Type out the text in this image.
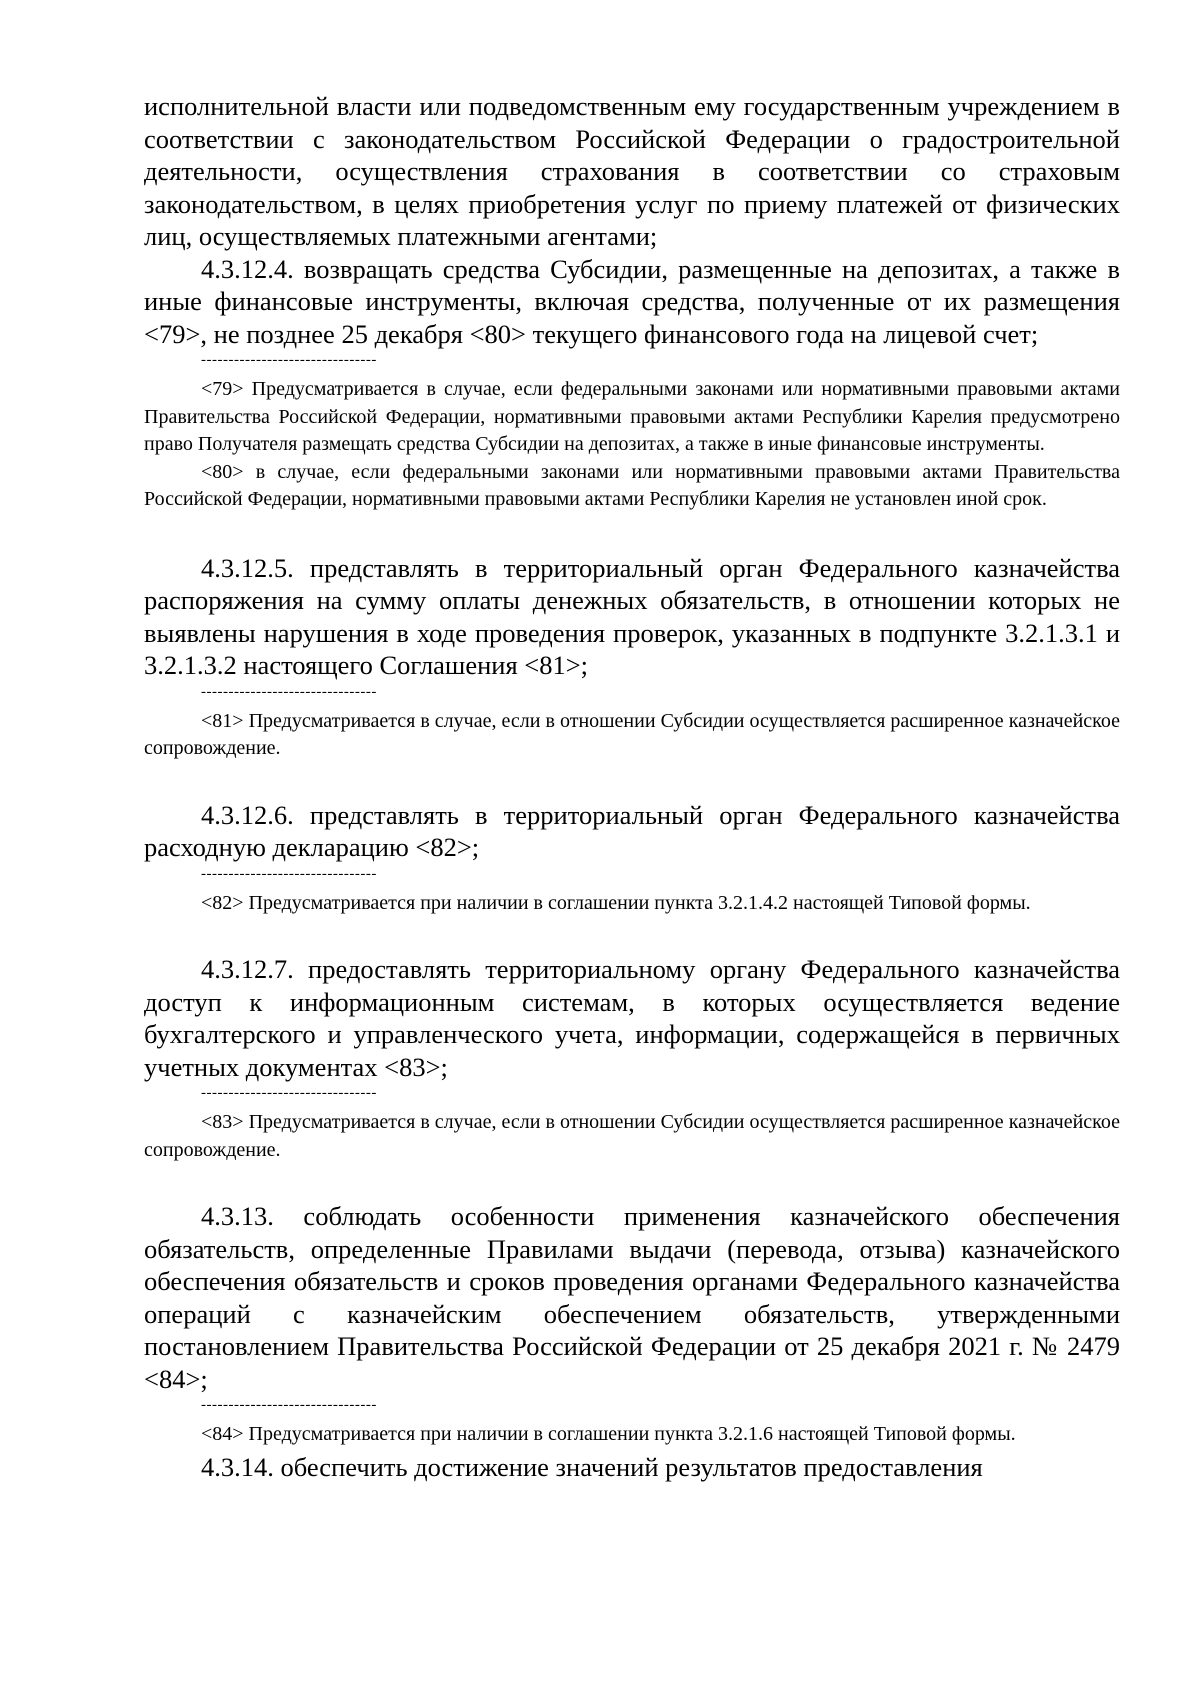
исполнительной власти или подведомственным ему государственным учреждением в соответствии с законодательством Российской Федерации о градостроительной деятельности, осуществления страхования в соответствии со страховым законодательством, в целях приобретения услуг по приему платежей от физических лиц, осуществляемых платежными агентами;

4.3.12.4. возвращать средства Субсидии, размещенные на депозитах, а также в иные финансовые инструменты, включая средства, полученные от их размещения <79>, не позднее 25 декабря <80> текущего финансового года на лицевой счет;

--------------------------------

<79> Предусматривается в случае, если федеральными законами или нормативными правовыми актами Правительства Российской Федерации, нормативными правовыми актами Республики Карелия предусмотрено право Получателя размещать средства Субсидии на депозитах, а также в иные финансовые инструменты.

<80> в случае, если федеральными законами или нормативными правовыми актами Правительства Российской Федерации, нормативными правовыми актами Республики Карелия не установлен иной срок.

4.3.12.5. представлять в территориальный орган Федерального казначейства распоряжения на сумму оплаты денежных обязательств, в отношении которых не выявлены нарушения в ходе проведения проверок, указанных в подпункте 3.2.1.3.1 и 3.2.1.3.2 настоящего Соглашения <81>;

--------------------------------

<81> Предусматривается в случае, если в отношении Субсидии осуществляется расширенное казначейское сопровождение.

4.3.12.6. представлять в территориальный орган Федерального казначейства расходную декларацию <82>;

--------------------------------

<82> Предусматривается при наличии в соглашении пункта 3.2.1.4.2 настоящей Типовой формы.

4.3.12.7. предоставлять территориальному органу Федерального казначейства доступ к информационным системам, в которых осуществляется ведение бухгалтерского и управленческого учета, информации, содержащейся в первичных учетных документах <83>;

--------------------------------

<83> Предусматривается в случае, если в отношении Субсидии осуществляется расширенное казначейское сопровождение.

4.3.13. соблюдать особенности применения казначейского обеспечения обязательств, определенные Правилами выдачи (перевода, отзыва) казначейского обеспечения обязательств и сроков проведения органами Федерального казначейства операций с казначейским обеспечением обязательств, утвержденными постановлением Правительства Российской Федерации от 25 декабря 2021 г. № 2479 <84>;

--------------------------------

<84> Предусматривается при наличии в соглашении пункта 3.2.1.6 настоящей Типовой формы.

4.3.14. обеспечить достижение значений результатов предоставления
